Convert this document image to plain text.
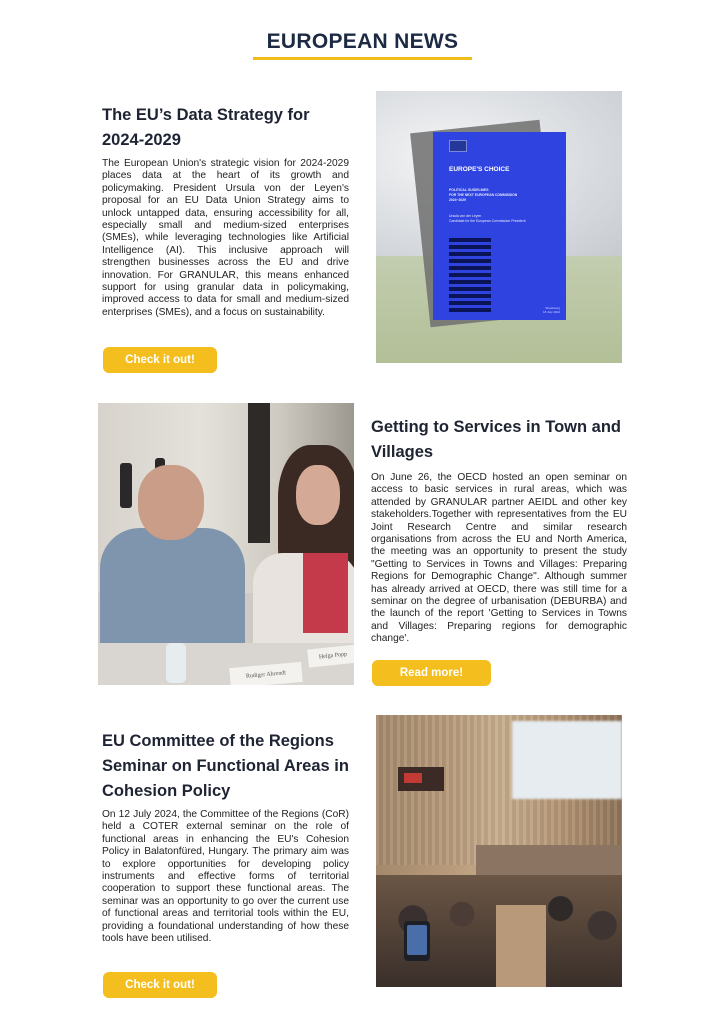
EUROPEAN NEWS
The EU’s Data Strategy for
2024-2029
The European Union's strategic vision for 2024-2029 places data at the heart of its growth and policymaking. President Ursula von der Leyen's proposal for an EU Data Union Strategy aims to unlock untapped data, ensuring accessibility for all, especially small and medium-sized enterprises (SMEs), while leveraging technologies like Artificial Intelligence (AI). This inclusive approach will strengthen businesses across the EU and drive innovation. For GRANULAR, this means enhanced support for using granular data in policymaking, improved access to data for small and medium-sized enterprises (SMEs), and a focus on sustainability.
Check it out!
EUROPE'S CHOICE
POLITICAL GUIDELINES
FOR THE NEXT EUROPEAN COMMISSION
2024−2029
Ursula von der Leyen
Candidate for the European Commission President
Strasbourg
18 July 2024
Rudiger Ahrendt
Helga Popp
Getting to Services in Town and
Villages
On June 26, the OECD hosted an open seminar on access to basic services in rural areas, which was attended by GRANULAR partner AEIDL and other key stakeholders.Together with representatives from the EU Joint Research Centre and similar research organisations from across the EU and North America, the meeting was an opportunity to present the study "Getting to Services in Towns and Villages: Preparing Regions for Demographic Change". Although summer has already arrived at OECD, there was still time for a seminar on the degree of urbanisation (DEBURBA) and the launch of the report 'Getting to Services in Towns and Villages: Preparing regions for demographic change'.
Read more!
EU Committee of the Regions
Seminar on Functional Areas in
Cohesion Policy
On 12 July 2024, the Committee of the Regions (CoR) held a COTER external seminar on the role of functional areas in enhancing the EU's Cohesion Policy in Balatonfüred, Hungary. The primary aim was to explore opportunities for developing policy instruments and effective forms of territorial cooperation to support these functional areas. The seminar was an opportunity to go over the current use of functional areas and territorial tools within the EU, providing a foundational understanding of how these tools have been utilised.
Check it out!
